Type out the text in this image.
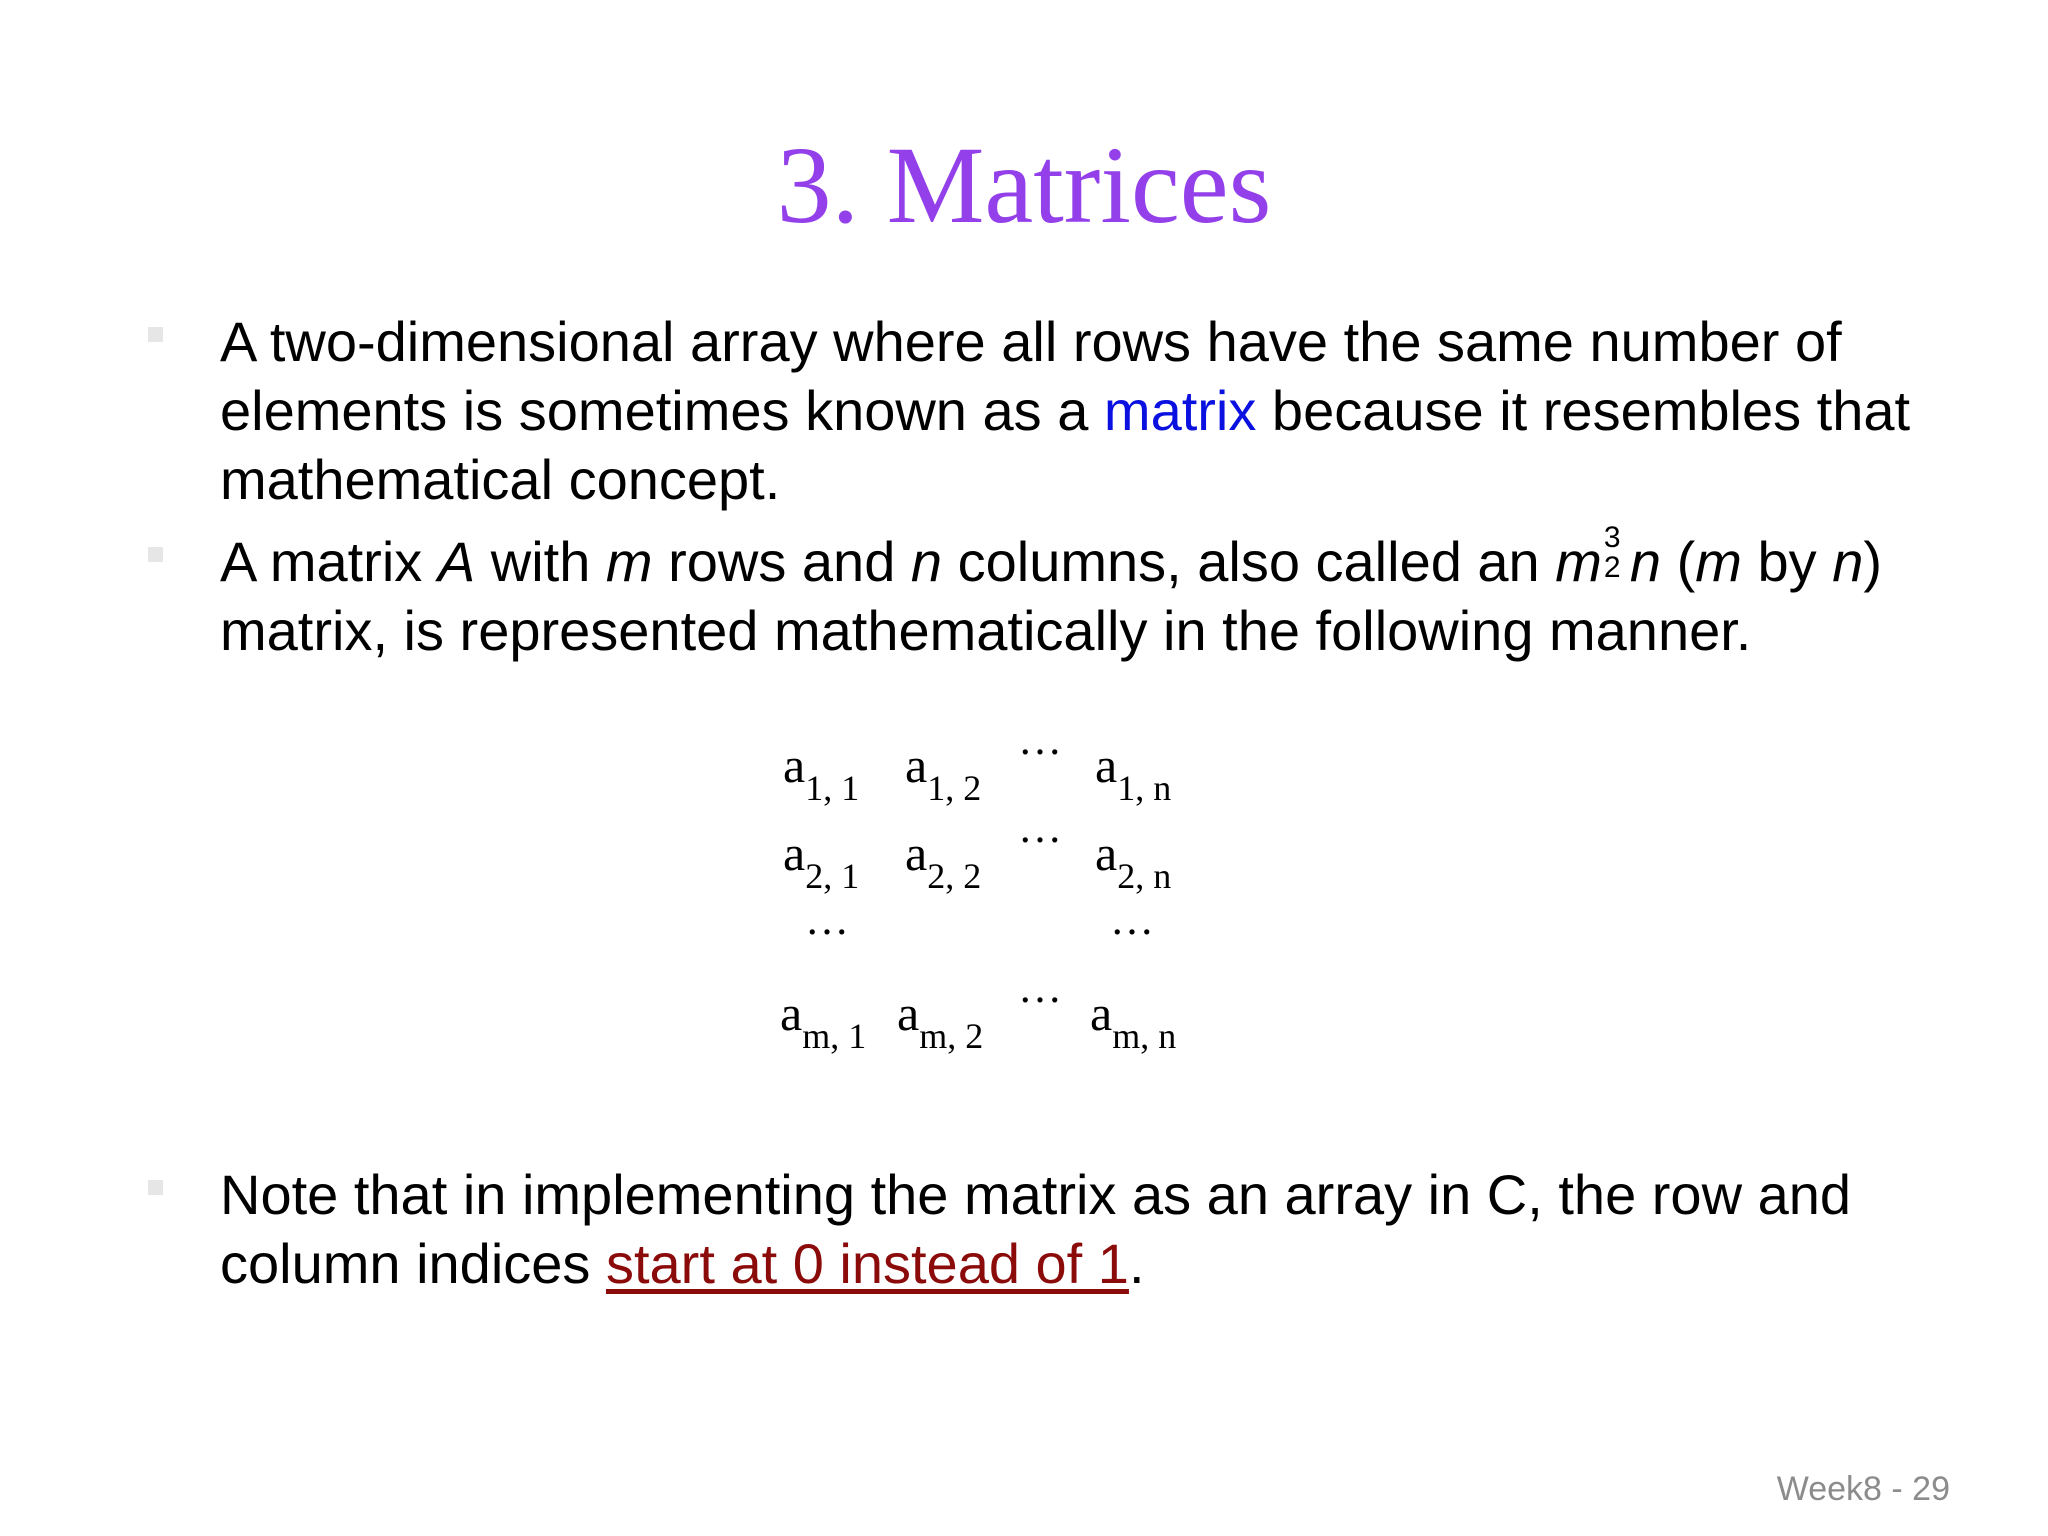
3. Matrices
A two-dimensional array where all rows have the same number of elements is sometimes known as a matrix because it resembles that mathematical concept.
A matrix A with m rows and n columns, also called an m 3
2 n (m by n) matrix, is represented mathematically in the following manner.
$a_{1, 1}$ $a_{1, 2}$
… $a_{1, n}$
$a_{2, 1}$ $a_{2, 2}$
… $a_{2, n}$
…	…
$a_{m, 1}$ $a_{m, 2}$
… $a_{m, n}$
Note that in implementing the matrix as an array in C, the row and column indices start at 0 instead of 1.
Week8 - 29
